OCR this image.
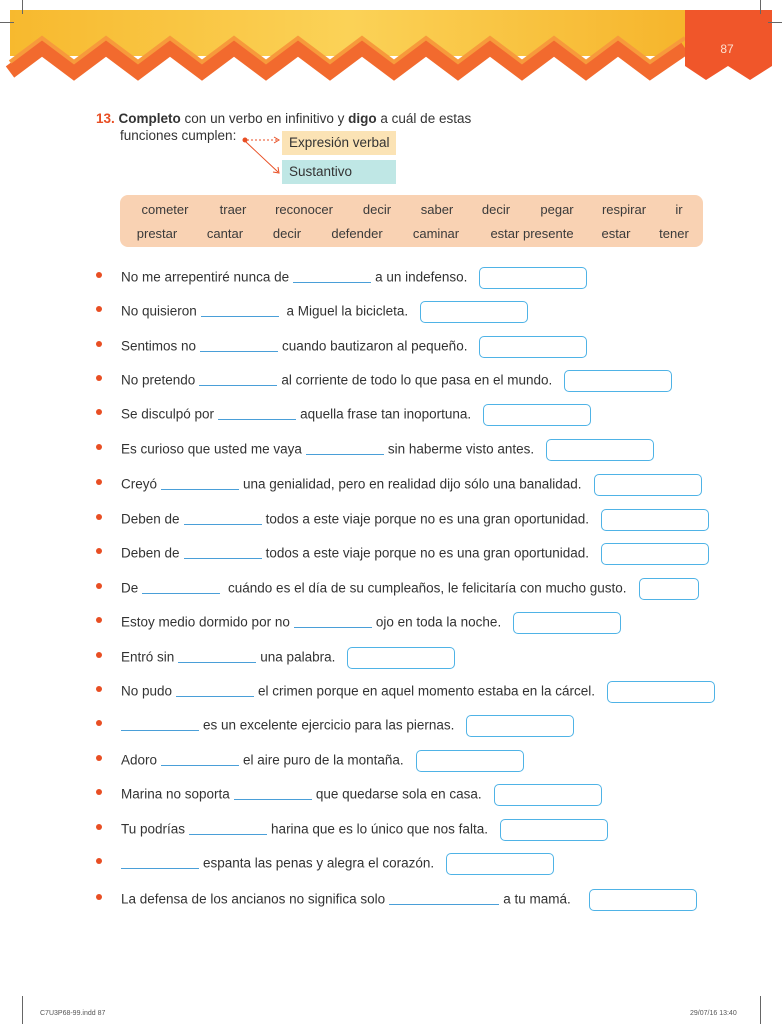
87
13. Completo con un verbo en infinitivo y digo a cuál de estas
funciones cumplen:	Expresión verbal
Sustantivo
cometer traer reconocer decir saber decir pegar respirar ir
prestar cantar decir defender caminar estar presente estar tener
No me arrepentiré nunca de	a un indefenso.
No quisieron	a Miguel la bicicleta.
Sentimos no	cuando bautizaron al pequeño.
No pretendo	al corriente de todo lo que pasa en el mundo.
Se disculpó por	aquella frase tan inoportuna.
Es curioso que usted me vaya	sin haberme visto antes.
Creyó	una genialidad, pero en realidad dijo sólo una banalidad.
Deben de	todos a este viaje porque no es una gran oportunidad.
Deben de	todos a este viaje porque no es una gran oportunidad.
De	cuándo es el día de su cumpleaños, le felicitaría con mucho gusto.
Estoy medio dormido por no	ojo en toda la noche.
Entró sin	una palabra.
No pudo	el crimen porque en aquel momento estaba en la cárcel.
es un excelente ejercicio para las piernas.
Adoro	el aire puro de la montaña.
Marina no soporta	que quedarse sola en casa.
Tu podrías	harina que es lo único que nos falta.
espanta las penas y alegra el corazón.
La defensa de los ancianos no significa solo	a tu mamá.
C7U3P68-99.indd 87	29/07/16 13:40
